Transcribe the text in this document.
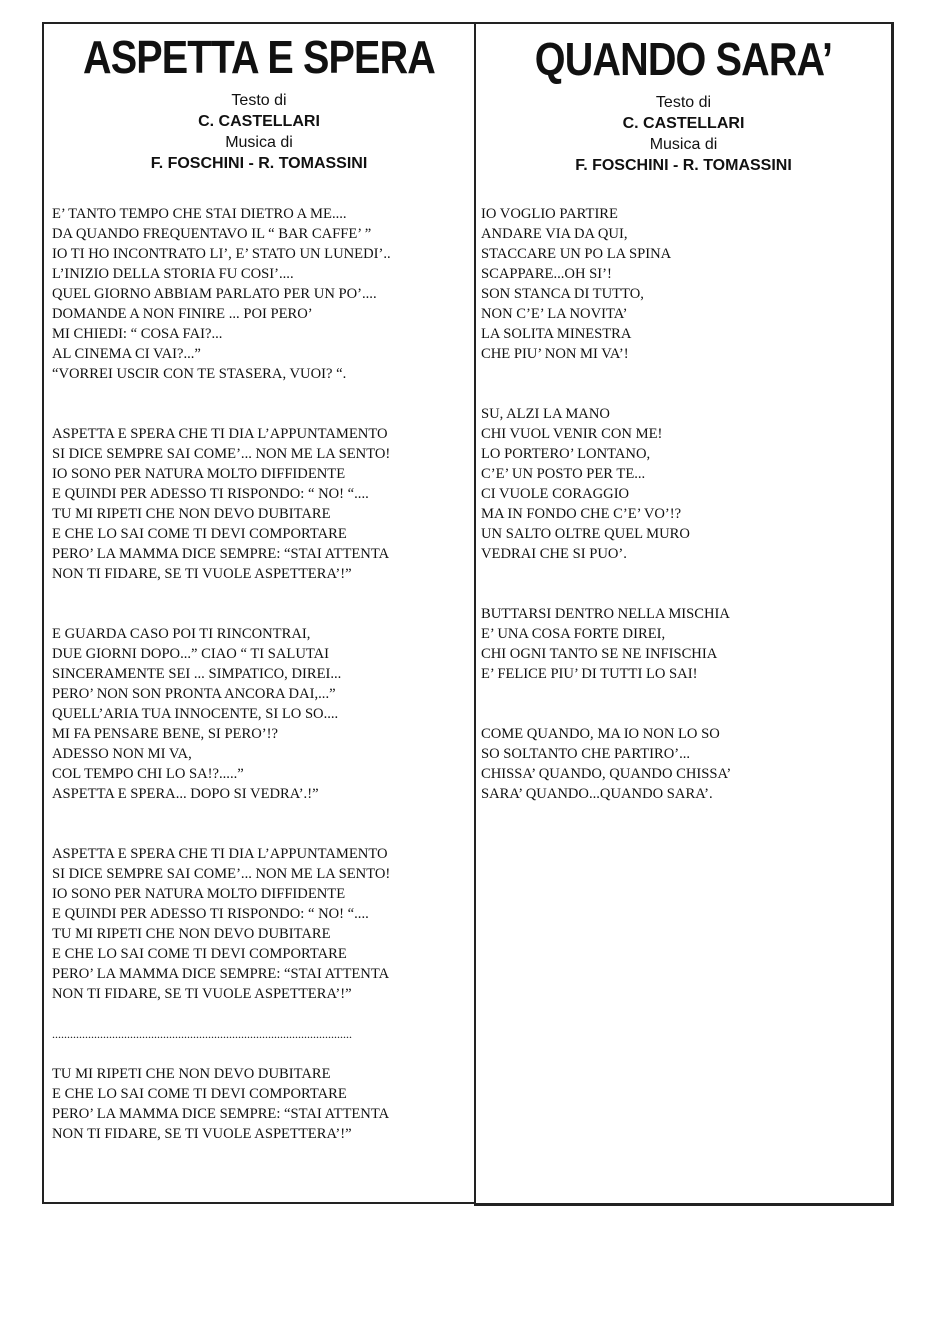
ASPETTA E SPERA
Testo di
C. CASTELLARI
Musica di
F. FOSCHINI - R. TOMASSINI
E’ TANTO TEMPO CHE STAI DIETRO A ME....
DA QUANDO FREQUENTAVO IL “ BAR CAFFE’ ”
IO TI HO INCONTRATO LI’, E’ STATO UN LUNEDI’..
L’INIZIO DELLA STORIA FU COSI’....
QUEL GIORNO ABBIAM PARLATO PER UN PO’....
DOMANDE A NON FINIRE ... POI PERO’
MI CHIEDI: “ COSA FAI?...
AL CINEMA CI VAI?...”
“VORREI USCIR CON TE STASERA, VUOI? “.
ASPETTA E SPERA CHE TI DIA L’APPUNTAMENTO
SI DICE SEMPRE SAI COME’... NON ME LA SENTO!
IO SONO PER NATURA MOLTO DIFFIDENTE
E QUINDI PER ADESSO TI RISPONDO: “ NO! “....
TU MI RIPETI CHE NON DEVO DUBITARE
E CHE LO SAI COME TI DEVI COMPORTARE
PERO’ LA MAMMA DICE SEMPRE: “STAI ATTENTA
NON TI FIDARE, SE TI VUOLE ASPETTERA’!”
E GUARDA CASO POI TI RINCONTRAI,
DUE GIORNI DOPO...” CIAO “ TI SALUTAI
SINCERAMENTE SEI ... SIMPATICO, DIREI...
PERO’ NON SON PRONTA ANCORA DAI,...”
QUELL’ARIA TUA INNOCENTE, SI LO SO....
MI FA PENSARE BENE, SI PERO’!?
ADESSO NON MI VA,
COL TEMPO CHI LO SA!?.....”
ASPETTA E SPERA... DOPO SI VEDRA’.!”
ASPETTA E SPERA CHE TI DIA L’APPUNTAMENTO
SI DICE SEMPRE SAI COME’... NON ME LA SENTO!
IO SONO PER NATURA MOLTO DIFFIDENTE
E QUINDI PER ADESSO TI RISPONDO: “ NO! “....
TU MI RIPETI CHE NON DEVO DUBITARE
E CHE LO SAI COME TI DEVI COMPORTARE
PERO’ LA MAMMA DICE SEMPRE: “STAI ATTENTA
NON TI FIDARE, SE TI VUOLE ASPETTERA’!”
....................................................................................................
TU MI RIPETI CHE NON DEVO DUBITARE
E CHE LO SAI COME TI DEVI COMPORTARE
PERO’ LA MAMMA DICE SEMPRE: “STAI ATTENTA
NON TI FIDARE, SE TI VUOLE ASPETTERA’!”
QUANDO SARA’
Testo di
C. CASTELLARI
Musica di
F. FOSCHINI - R. TOMASSINI
IO VOGLIO PARTIRE
ANDARE VIA DA QUI,
STACCARE UN PO LA SPINA
SCAPPARE...OH SI’!
SON STANCA DI TUTTO,
NON C’E’ LA NOVITA’
LA SOLITA MINESTRA
CHE PIU’ NON MI VA’!
SU, ALZI LA MANO
CHI VUOL VENIR CON ME!
LO PORTERO’ LONTANO,
C’E’ UN POSTO PER TE...
CI VUOLE CORAGGIO
MA IN FONDO CHE C’E’ VO’!?
UN SALTO OLTRE QUEL MURO
VEDRAI CHE SI PUO’.
BUTTARSI DENTRO NELLA MISCHIA
E’ UNA COSA FORTE DIREI,
CHI OGNI TANTO SE NE INFISCHIA
E’ FELICE PIU’ DI TUTTI LO SAI!
COME QUANDO, MA IO NON LO SO
SO SOLTANTO CHE PARTIRO’...
CHISSA’ QUANDO, QUANDO CHISSA’
SARA’ QUANDO...QUANDO SARA’.
